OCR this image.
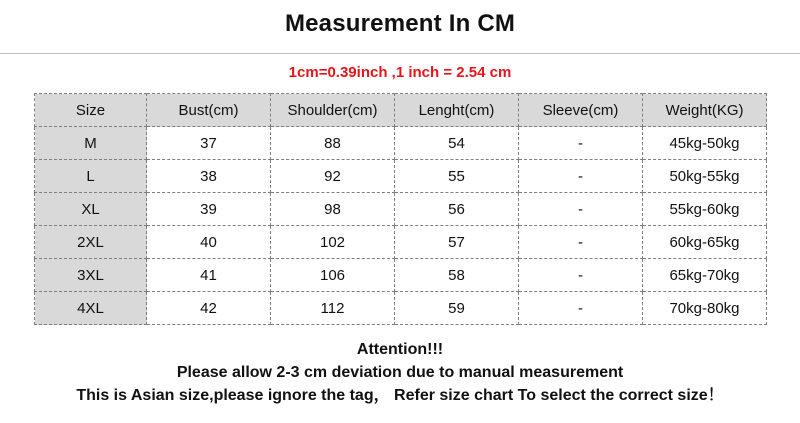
Measurement In CM
1cm=0.39inch ,1 inch = 2.54 cm
Size	Bust(cm)	Shoulder(cm)	Lenght(cm)	Sleeve(cm)	Weight(KG)
M	37	88	54	-	45kg-50kg
L	38	92	55	-	50kg-55kg
XL	39	98	56	-	55kg-60kg
2XL	40	102	57	-	60kg-65kg
3XL	41	106	58	-	65kg-70kg
4XL	42	112	59	-	70kg-80kg
Attention!!!
Please allow 2-3 cm deviation due to manual measurement
This is Asian size,please ignore the tag， Refer size chart To select the correct size！
